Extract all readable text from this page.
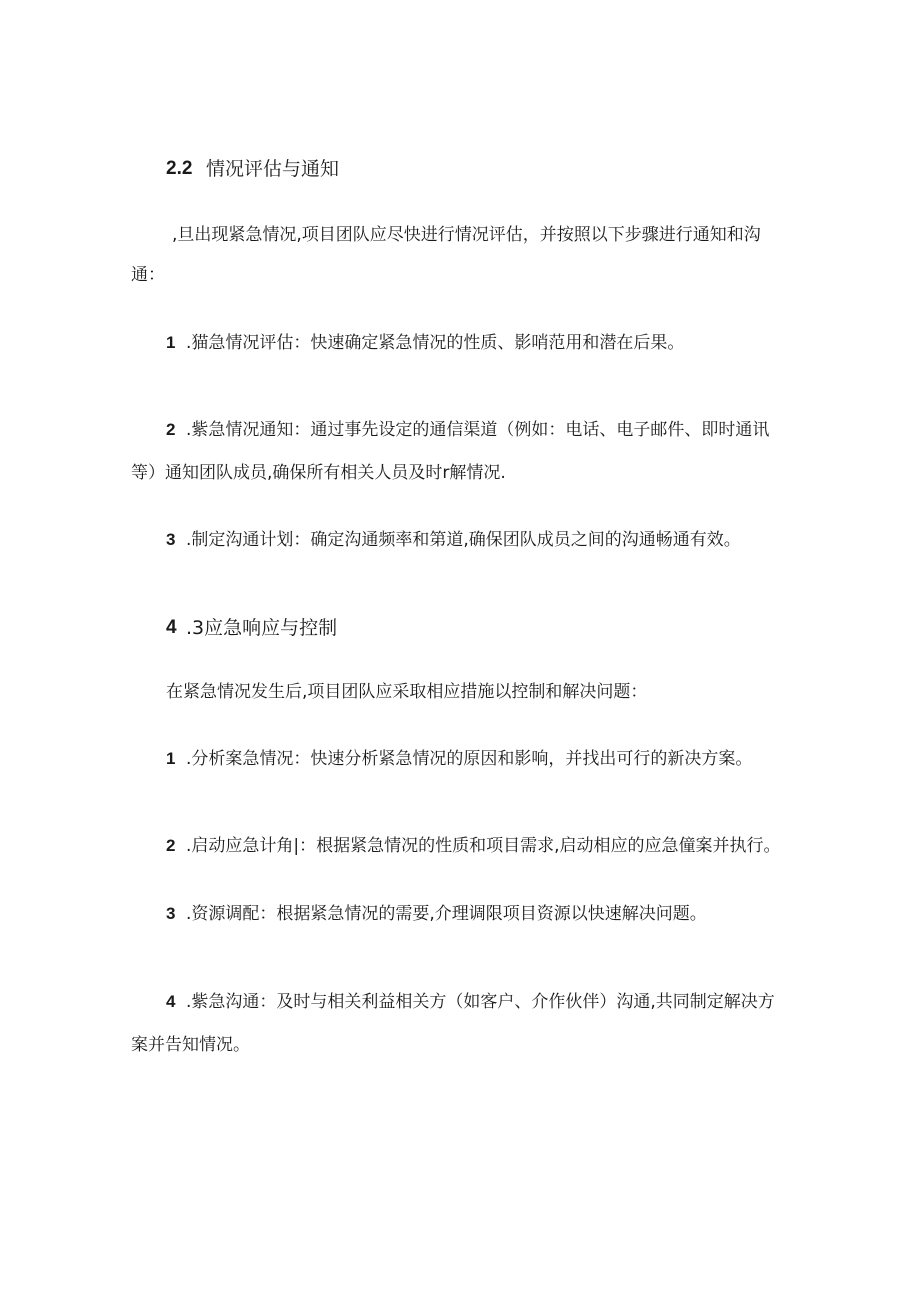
2.2 情况评估与通知
,旦出现紧急情况,项目团队应尽快进行情况评估，并按照以下步骤进行通知和沟
通：
1 .猫急情况评估：快速确定紧急情况的性质、影哨范用和潜在后果。
2 .紫急情况通知：通过事先设定的通信渠道（例如：电话、电子邮件、即时通讯
等）通知团队成员,确保所有相关人员及时r解情况.
3 .制定沟通计划：确定沟通频率和第道,确保团队成员之间的沟通畅通有效。
4 .3应急响应与控制
在紧急情况发生后,项目团队应采取相应措施以控制和解决问题：
1 .分析案急情况：快速分析紧急情况的原因和影响，并找出可行的新决方案。
2 .启动应急计角|：根据紧急情况的性质和项目需求,启动相应的应急僮案并执行。
3 .资源调配：根据紧急情况的需要,介理调限项目资源以快速解决问题。
4 .紫急沟通：及时与相关利益相关方（如客户、介作伙伴）沟通,共同制定解决方
案并告知情况。
